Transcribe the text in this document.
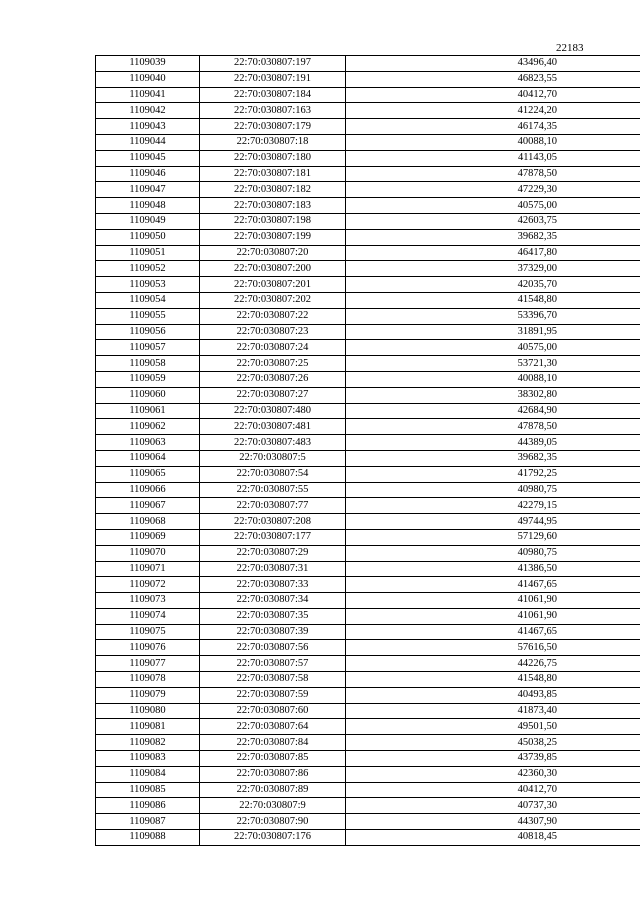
22183
1109039	22:70:030807:197	43496,40
1109040	22:70:030807:191	46823,55
1109041	22:70:030807:184	40412,70
1109042	22:70:030807:163	41224,20
1109043	22:70:030807:179	46174,35
1109044	22:70:030807:18	40088,10
1109045	22:70:030807:180	41143,05
1109046	22:70:030807:181	47878,50
1109047	22:70:030807:182	47229,30
1109048	22:70:030807:183	40575,00
1109049	22:70:030807:198	42603,75
1109050	22:70:030807:199	39682,35
1109051	22:70:030807:20	46417,80
1109052	22:70:030807:200	37329,00
1109053	22:70:030807:201	42035,70
1109054	22:70:030807:202	41548,80
1109055	22:70:030807:22	53396,70
1109056	22:70:030807:23	31891,95
1109057	22:70:030807:24	40575,00
1109058	22:70:030807:25	53721,30
1109059	22:70:030807:26	40088,10
1109060	22:70:030807:27	38302,80
1109061	22:70:030807:480	42684,90
1109062	22:70:030807:481	47878,50
1109063	22:70:030807:483	44389,05
1109064	22:70:030807:5	39682,35
1109065	22:70:030807:54	41792,25
1109066	22:70:030807:55	40980,75
1109067	22:70:030807:77	42279,15
1109068	22:70:030807:208	49744,95
1109069	22:70:030807:177	57129,60
1109070	22:70:030807:29	40980,75
1109071	22:70:030807:31	41386,50
1109072	22:70:030807:33	41467,65
1109073	22:70:030807:34	41061,90
1109074	22:70:030807:35	41061,90
1109075	22:70:030807:39	41467,65
1109076	22:70:030807:56	57616,50
1109077	22:70:030807:57	44226,75
1109078	22:70:030807:58	41548,80
1109079	22:70:030807:59	40493,85
1109080	22:70:030807:60	41873,40
1109081	22:70:030807:64	49501,50
1109082	22:70:030807:84	45038,25
1109083	22:70:030807:85	43739,85
1109084	22:70:030807:86	42360,30
1109085	22:70:030807:89	40412,70
1109086	22:70:030807:9	40737,30
1109087	22:70:030807:90	44307,90
1109088	22:70:030807:176	40818,45
